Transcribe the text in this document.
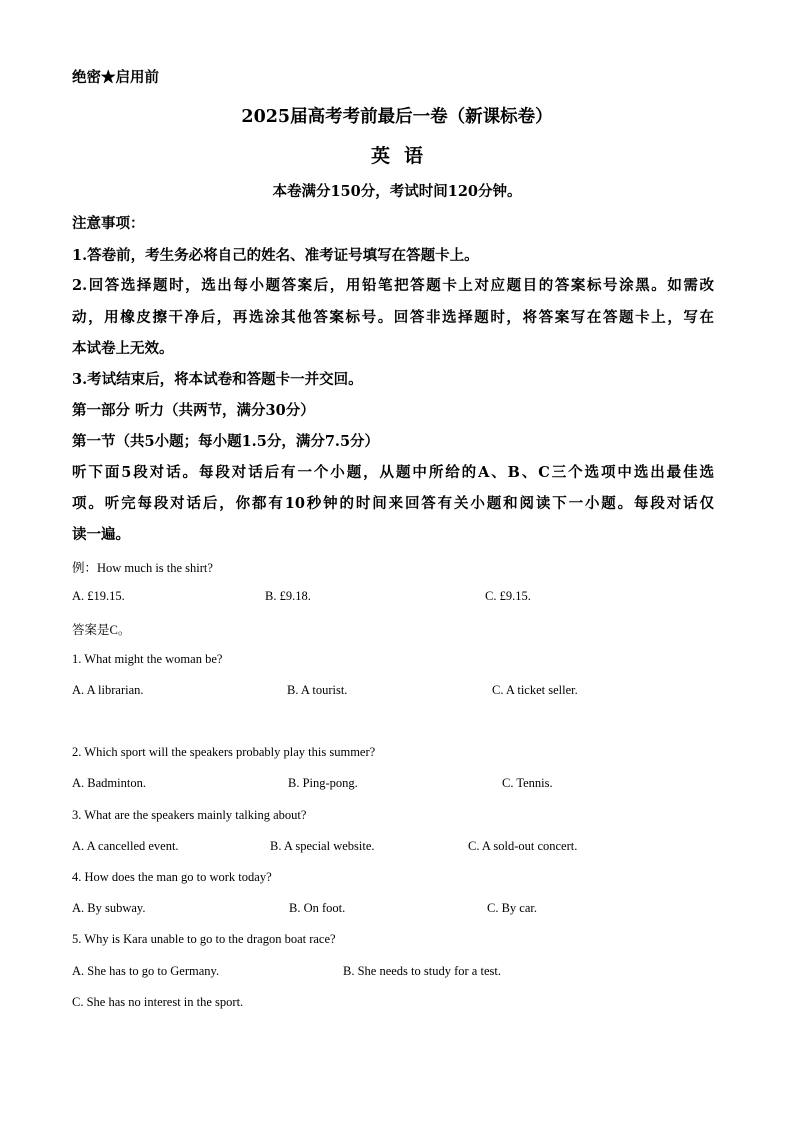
绝密★启用前
2025届高考考前最后一卷（新课标卷）
英语
本卷满分150分，考试时间120分钟。
注意事项：
1.答卷前，考生务必将自己的姓名、准考证号填写在答题卡上。
2.回答选择题时，选出每小题答案后，用铅笔把答题卡上对应题目的答案标号涂黑。如需改
动，用橡皮擦干净后，再选涂其他答案标号。回答非选择题时，将答案写在答题卡上，写在
本试卷上无效。
3.考试结束后，将本试卷和答题卡一并交回。
第一部分 听力（共两节，满分30分）
第一节（共5小题；每小题1.5分，满分7.5分）
听下面5段对话。每段对话后有一个小题，从题中所给的A、B、C三个选项中选出最佳选
项。听完每段对话后，你都有10秒钟的时间来回答有关小题和阅读下一小题。每段对话仅
读一遍。
例：How much is the shirt?
A. £19.15.	B. £9.18.	C. £9.15.
答案是C。
1. What might the woman be?
A. A librarian.	B. A tourist.	C. A ticket seller.
2. Which sport will the speakers probably play this summer?
A. Badminton.	B. Ping-pong.	C. Tennis.
3. What are the speakers mainly talking about?
A. A cancelled event.	B. A special website.	C. A sold-out concert.
4. How does the man go to work today?
A. By subway.	B. On foot.	C. By car.
5. Why is Kara unable to go to the dragon boat race?
A. She has to go to Germany.	B. She needs to study for a test.
C. She has no interest in the sport.
